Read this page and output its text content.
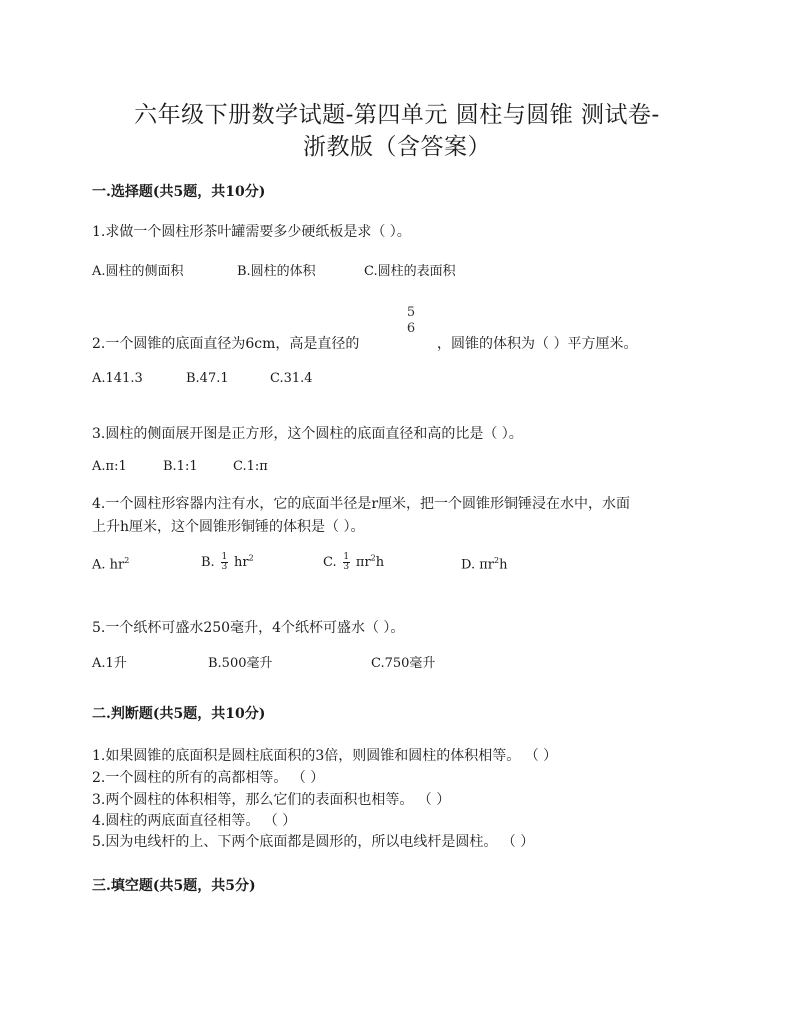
六年级下册数学试题-第四单元 圆柱与圆锥 测试卷-
浙教版（含答案）
一.选择题(共5题，共10分)
1.求做一个圆柱形茶叶罐需要多少硬纸板是求（ ）。
A.圆柱的侧面积	B.圆柱的体积	C.圆柱的表面积
5
6
2.一个圆锥的底面直径为6cm，高是直径的	，圆锥的体积为（ ）平方厘米。
A.141.3	B.47.1	C.31.4
3.圆柱的侧面展开图是正方形，这个圆柱的底面直径和高的比是（ ）。
A.π:1	B.1:1	C.1:π
4.一个圆柱形容器内注有水，它的底面半径是r厘米，把一个圆锥形铜锤浸在水中，水面
上升h厘米，这个圆锥形铜锤的体积是（ ）。
A. $hr^2$	B. $\frac{1}{3} hr^2$	C. $\frac{1}{3} \pi r^2h$	D. $\pi r^2h$
5.一个纸杯可盛水250毫升，4个纸杯可盛水（ ）。
A.1升	B.500毫升	C.750毫升
二.判断题(共5题，共10分)
1.如果圆锥的底面积是圆柱底面积的3倍，则圆锥和圆柱的体积相等。 （ ）
2.一个圆柱的所有的高都相等。 （ ）
3.两个圆柱的体积相等，那么它们的表面积也相等。 （ ）
4.圆柱的两底面直径相等。 （ ）
5.因为电线杆的上、下两个底面都是圆形的，所以电线杆是圆柱。 （ ）
三.填空题(共5题，共5分)
